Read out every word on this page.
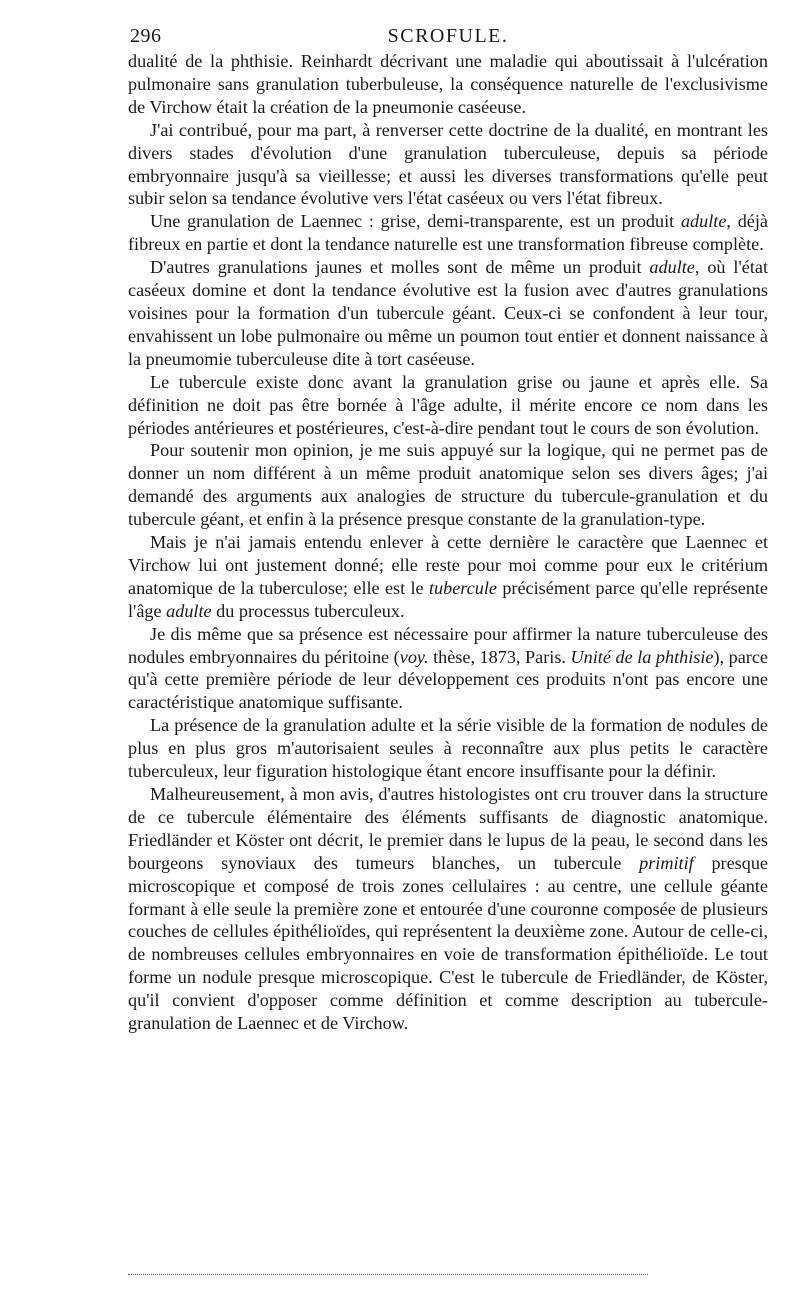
296	SCROFULE.

dualité de la phthisie. Reinhardt décrivant une maladie qui aboutissait à l'ulcération pulmonaire sans granulation tuberbuleuse, la conséquence naturelle de l'exclusivisme de Virchow était la création de la pneumonie caséeuse.

J'ai contribué, pour ma part, à renverser cette doctrine de la dualité, en montrant les divers stades d'évolution d'une granulation tuberculeuse, depuis sa période embryonnaire jusqu'à sa vieillesse; et aussi les diverses transformations qu'elle peut subir selon sa tendance évolutive vers l'état caséeux ou vers l'état fibreux.

Une granulation de Laennec : grise, demi-transparente, est un produit adulte, déjà fibreux en partie et dont la tendance naturelle est une transformation fibreuse complète.

D'autres granulations jaunes et molles sont de même un produit adulte, où l'état caséeux domine et dont la tendance évolutive est la fusion avec d'autres granulations voisines pour la formation d'un tubercule géant. Ceux-ci se confondent à leur tour, envahissent un lobe pulmonaire ou même un poumon tout entier et donnent naissance à la pneumomie tuberculeuse dite à tort caséeuse.

Le tubercule existe donc avant la granulation grise ou jaune et après elle. Sa définition ne doit pas être bornée à l'âge adulte, il mérite encore ce nom dans les périodes antérieures et postérieures, c'est-à-dire pendant tout le cours de son évolution.

Pour soutenir mon opinion, je me suis appuyé sur la logique, qui ne permet pas de donner un nom différent à un même produit anatomique selon ses divers âges; j'ai demandé des arguments aux analogies de structure du tubercule-granulation et du tubercule géant, et enfin à la présence presque constante de la granulation-type.

Mais je n'ai jamais entendu enlever à cette dernière le caractère que Laennec et Virchow lui ont justement donné; elle reste pour moi comme pour eux le critérium anatomique de la tuberculose; elle est le tubercule précisément parce qu'elle représente l'âge adulte du processus tuberculeux.

Je dis même que sa présence est nécessaire pour affirmer la nature tuberculeuse des nodules embryonnaires du péritoine (voy. thèse, 1873, Paris. Unité de la phthisie), parce qu'à cette première période de leur développement ces produits n'ont pas encore une caractéristique anatomique suffisante.

La présence de la granulation adulte et la série visible de la formation de nodules de plus en plus gros m'autorisaient seules à reconnaître aux plus petits le caractère tuberculeux, leur figuration histologique étant encore insuffisante pour la définir.

Malheureusement, à mon avis, d'autres histologistes ont cru trouver dans la structure de ce tubercule élémentaire des éléments suffisants de diagnostic anatomique. Friedländer et Köster ont décrit, le premier dans le lupus de la peau, le second dans les bourgeons synoviaux des tumeurs blanches, un tubercule primitif presque microscopique et composé de trois zones cellulaires : au centre, une cellule géante formant à elle seule la première zone et entourée d'une couronne composée de plusieurs couches de cellules épithélioïdes, qui représentent la deuxième zone. Autour de celle-ci, de nombreuses cellules embryonnaires en voie de transformation épithélioïde. Le tout forme un nodule presque microscopique. C'est le tubercule de Friedländer, de Köster, qu'il convient d'opposer comme définition et comme description au tubercule-granulation de Laennec et de Virchow.
